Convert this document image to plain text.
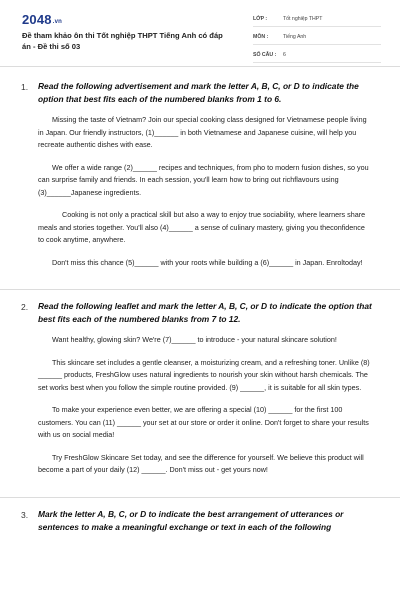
2048.vn
Đề tham khảo ôn thi Tốt nghiệp THPT Tiếng Anh có đáp án - Đề thi số 03
LỚP :	Tốt nghiệp THPT
MÔN :	Tiếng Anh
SỐ CÂU : 6
1. Read the following advertisement and mark the letter A, B, C, or D to indicate the option that best fits each of the numbered blanks from 1 to 6.

Missing the taste of Vietnam? Join our special cooking class designed for Vietnamese people living in Japan. Our friendly instructors, (1)______ in both Vietnamese and Japanese cuisine, will help you recreate authentic dishes with ease.

We offer a wide range (2)______ recipes and techniques, from pho to modern fusion dishes, so you can surprise family and friends. In each session, you'll learn how to bring out richflavours using (3)______Japanese ingredients.

Cooking is not only a practical skill but also a way to enjoy true sociability, where learners share meals and stories together. You'll also (4)______ a sense of culinary mastery, giving you theconfidence to cook anytime, anywhere.

Don't miss this chance (5)______ with your roots while building a (6)______ in Japan. Enroltoday!

2. Read the following leaflet and mark the letter A, B, C, or D to indicate the option that best fits each of the numbered blanks from 7 to 12.

Want healthy, glowing skin? We're (7)______ to introduce - your natural skincare solution!

This skincare set includes a gentle cleanser, a moisturizing cream, and a refreshing toner. Unlike (8) ______ products, FreshGlow uses natural ingredients to nourish your skin without harsh chemicals. The set works best when you follow the simple routine provided. (9) ______, it is suitable for all skin types.

To make your experience even better, we are offering a special (10) ______ for the first 100 customers. You can (11) ______ your set at our store or order it online. Don't forget to share your results with us on social media!

Try FreshGlow Skincare Set today, and see the difference for yourself. We believe this product will become a part of your daily (12) ______. Don't miss out - get yours now!

3. Mark the letter A, B, C, or D to indicate the best arrangement of utterances or sentences to make a meaningful exchange or text in each of the following
